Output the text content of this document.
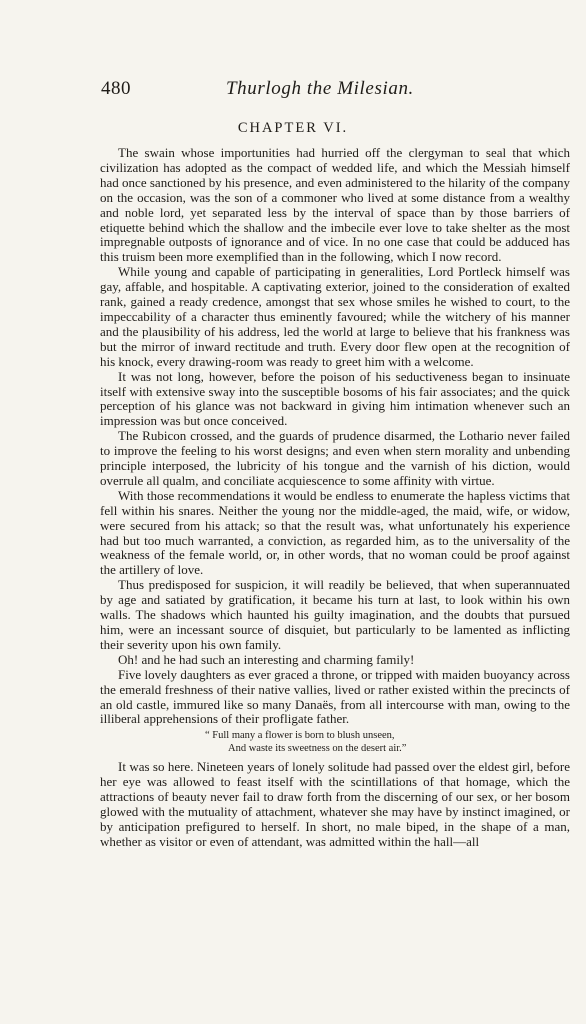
480	Thurlogh the Milesian.
CHAPTER VI.

The swain whose importunities had hurried off the clergyman to seal that which civilization has adopted as the compact of wedded life, and which the Messiah himself had once sanctioned by his presence, and even administered to the hilarity of the company on the occasion, was the son of a commoner who lived at some distance from a wealthy and noble lord, yet separated less by the interval of space than by those barriers of etiquette behind which the shallow and the imbecile ever love to take shelter as the most impregnable outposts of ignorance and of vice. In no one case that could be adduced has this truism been more exemplified than in the following, which I now record.

While young and capable of participating in generalities, Lord Portleck himself was gay, affable, and hospitable. A captivating exterior, joined to the consideration of exalted rank, gained a ready credence, amongst that sex whose smiles he wished to court, to the impeccability of a character thus eminently favoured; while the witchery of his manner and the plausibility of his address, led the world at large to believe that his frankness was but the mirror of inward rectitude and truth. Every door flew open at the recognition of his knock, every drawing-room was ready to greet him with a welcome.

It was not long, however, before the poison of his seductiveness began to insinuate itself with extensive sway into the susceptible bosoms of his fair associates; and the quick perception of his glance was not backward in giving him intimation whenever such an impression was but once conceived.

The Rubicon crossed, and the guards of prudence disarmed, the Lothario never failed to improve the feeling to his worst designs; and even when stern morality and unbending principle interposed, the lubricity of his tongue and the varnish of his diction, would overrule all qualm, and conciliate acquiescence to some affinity with virtue.

With those recommendations it would be endless to enumerate the hapless victims that fell within his snares. Neither the young nor the middle-aged, the maid, wife, or widow, were secured from his attack; so that the result was, what unfortunately his experience had but too much warranted, a conviction, as regarded him, as to the universality of the weakness of the female world, or, in other words, that no woman could be proof against the artillery of love.

Thus predisposed for suspicion, it will readily be believed, that when superannuated by age and satiated by gratification, it became his turn at last, to look within his own walls. The shadows which haunted his guilty imagination, and the doubts that pursued him, were an incessant source of disquiet, but particularly to be lamented as inflicting their severity upon his own family.

Oh! and he had such an interesting and charming family!

Five lovely daughters as ever graced a throne, or tripped with maiden buoyancy across the emerald freshness of their native vallies, lived or rather existed within the precincts of an old castle, immured like so many Danaës, from all intercourse with man, owing to the illiberal apprehensions of their profligate father.

“ Full many a flower is born to blush unseen,
And waste its sweetness on the desert air.”

It was so here. Nineteen years of lonely solitude had passed over the eldest girl, before her eye was allowed to feast itself with the scintillations of that homage, which the attractions of beauty never fail to draw forth from the discerning of our sex, or her bosom glowed with the mutuality of attachment, whatever she may have by instinct imagined, or by anticipation prefigured to herself. In short, no male biped, in the shape of a man, whether as visitor or even of attendant, was admitted within the hall—all
